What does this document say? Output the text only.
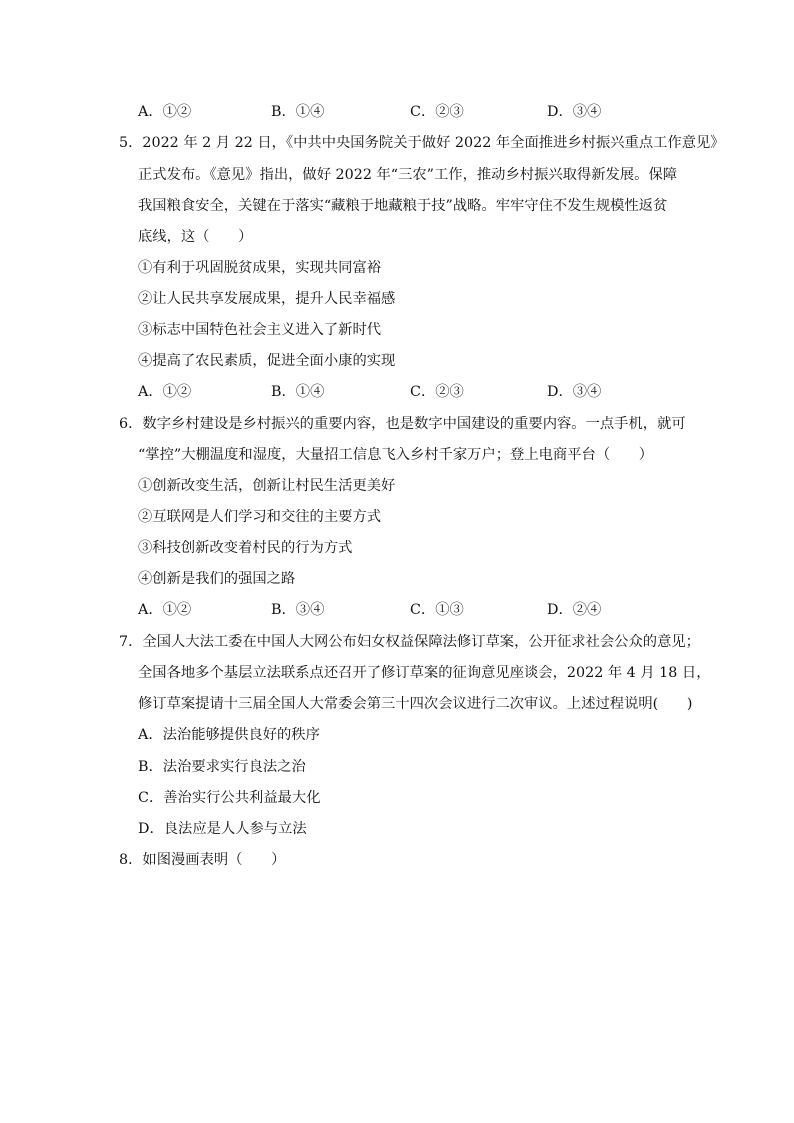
A．①②	B．①④	C．②③	D．③④
5．2022 年 2 月 22 日，《中共中央国务院关于做好 2022 年全面推进乡村振兴重点工作意见》
正式发布。《意见》指出，做好 2022 年“三农”工作，推动乡村振兴取得新发展。保障
我国粮食安全，关键在于落实“藏粮于地藏粮于技”战略。牢牢守住不发生规模性返贫
底线，这（　　）
①有利于巩固脱贫成果，实现共同富裕
②让人民共享发展成果，提升人民幸福感
③标志中国特色社会主义进入了新时代
④提高了农民素质，促进全面小康的实现
A．①②	B．①④	C．②③	D．③④
6．数字乡村建设是乡村振兴的重要内容，也是数字中国建设的重要内容。一点手机，就可
“掌控”大棚温度和湿度，大量招工信息飞入乡村千家万户；登上电商平台（　　）
①创新改变生活，创新让村民生活更美好
②互联网是人们学习和交往的主要方式
③科技创新改变着村民的行为方式
④创新是我们的强国之路
A．①②	B．③④	C．①③	D．②④
7．全国人大法工委在中国人大网公布妇女权益保障法修订草案，公开征求社会公众的意见；
全国各地多个基层立法联系点还召开了修订草案的征询意见座谈会，2022 年 4 月 18 日，
修订草案提请十三届全国人大常委会第三十四次会议进行二次审议。上述过程说明(　　)
A．法治能够提供良好的秩序
B．法治要求实行良法之治
C．善治实行公共利益最大化
D．良法应是人人参与立法
8．如图漫画表明（　　）
